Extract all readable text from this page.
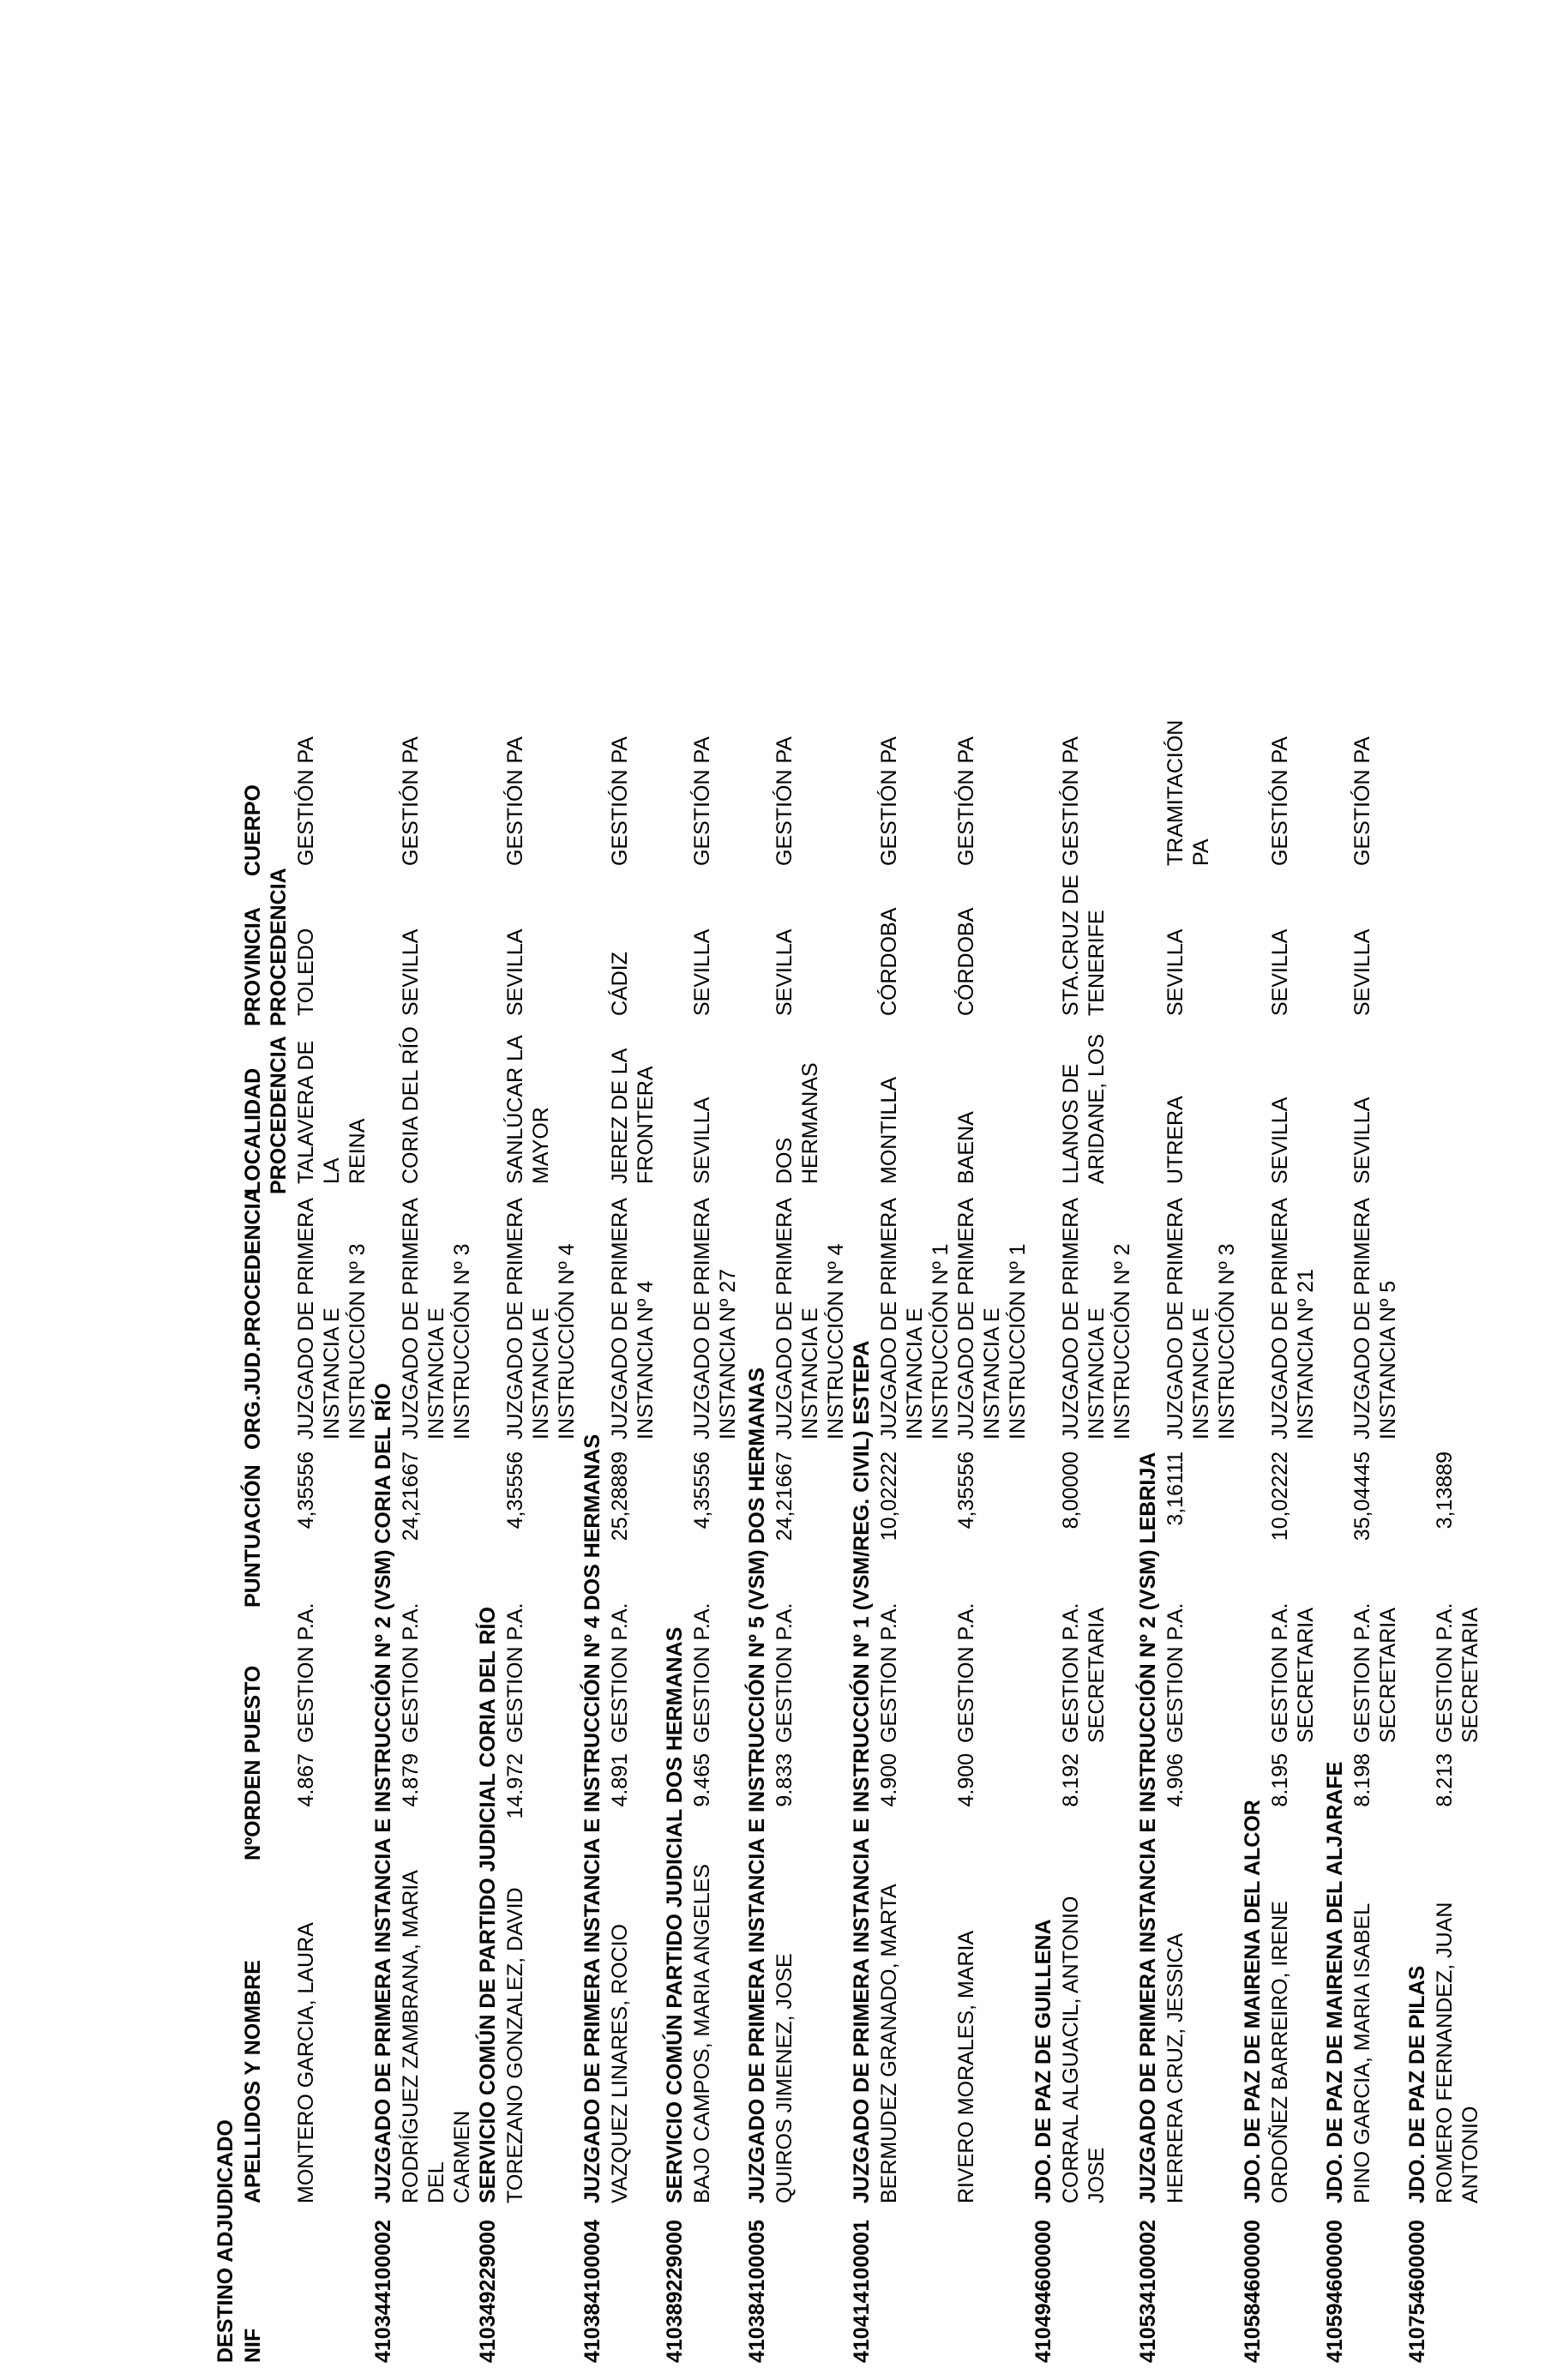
DESTINO ADJUDICADO NIF
APELLIDOS Y NOMBRE
NºORDEN
PUESTO
PUNTUACIÓN
ORG.JUD.PROCEDENCIA
LOCALIDAD
PROCEDENCIA
PROVINCIA
PROCEDENCIA
CUERPO
MONTERO GARCIA, LAURA
4.867
GESTION P.A.
4,35556
JUZGADO DE PRIMERA
INSTANCIA E INSTRUCCIÓN Nº 3
TALAVERA DE LA
REINA
TOLEDO
GESTIÓN PA
410344100002
JUZGADO DE PRIMERA INSTANCIA E INSTRUCCIÓN Nº 2 (VSM) CORIA DEL RÍO RODRÍGUEZ ZAMBRANA, MARIA DEL
CARMEN
4.879
GESTION P.A.
24,21667
JUZGADO DE PRIMERA
INSTANCIA E INSTRUCCIÓN Nº 3
CORIA DEL RÍO
SEVILLA
GESTIÓN PA
410349229000
SERVICIO COMÚN DE PARTIDO JUDICIAL CORIA DEL RÍO TOREZANO GONZALEZ, DAVID
14.972
GESTION P.A.
4,35556
JUZGADO DE PRIMERA
INSTANCIA E INSTRUCCIÓN Nº 4
SANLÚCAR LA
MAYOR
SEVILLA
GESTIÓN PA
410384100004
JUZGADO DE PRIMERA INSTANCIA E INSTRUCCIÓN Nº 4 DOS HERMANAS VAZQUEZ LINARES, ROCIO
4.891
GESTION P.A.
25,28889
JUZGADO DE PRIMERA
INSTANCIA Nº 4
JEREZ DE LA
FRONTERA
CÁDIZ
GESTIÓN PA
410389229000
SERVICIO COMÚN PARTIDO JUDICIAL DOS HERMANAS BAJO CAMPOS, MARIA ANGELES
9.465
GESTION P.A.
4,35556
JUZGADO DE PRIMERA
INSTANCIA Nº 27
SEVILLA
SEVILLA
GESTIÓN PA
410384100005
JUZGADO DE PRIMERA INSTANCIA E INSTRUCCIÓN Nº 5 (VSM) DOS HERMANAS QUIROS JIMENEZ, JOSE
9.833
GESTION P.A.
24,21667
JUZGADO DE PRIMERA
INSTANCIA E INSTRUCCIÓN Nº 4
DOS HERMANAS
SEVILLA
GESTIÓN PA
410414100001
JUZGADO DE PRIMERA INSTANCIA E INSTRUCCIÓN Nº 1 (VSM/REG. CIVIL) ESTEPA BERMUDEZ GRANADO, MARTA
4.900
GESTION P.A.
10,02222
JUZGADO DE PRIMERA
INSTANCIA E INSTRUCCIÓN Nº 1
MONTILLA
CÓRDOBA
GESTIÓN PA
RIVERO MORALES, MARIA
4.900
GESTION P.A.
4,35556
JUZGADO DE PRIMERA
INSTANCIA E INSTRUCCIÓN Nº 1
BAENA
CÓRDOBA
GESTIÓN PA
410494600000
JDO. DE PAZ DE GUILLENA CORRAL ALGUACIL, ANTONIO JOSE
8.192
GESTION P.A.
SECRETARIA
8,00000
JUZGADO DE PRIMERA
INSTANCIA E INSTRUCCIÓN Nº 2
LLANOS DE
ARIDANE, LOS
STA.CRUZ DE
TENERIFE
GESTIÓN PA
410534100002
JUZGADO DE PRIMERA INSTANCIA E INSTRUCCIÓN Nº 2 (VSM) LEBRIJA HERRERA CRUZ, JESSICA
4.906
GESTION P.A.
3,16111
JUZGADO DE PRIMERA
INSTANCIA E INSTRUCCIÓN Nº 3
UTRERA
SEVILLA
TRAMITACIÓN
PA
410584600000
JDO. DE PAZ DE MAIRENA DEL ALCOR ORDOÑEZ BARREIRO, IRENE
8.195
GESTION P.A.
SECRETARIA
10,02222
JUZGADO DE PRIMERA
INSTANCIA Nº 21
SEVILLA
SEVILLA
GESTIÓN PA
410594600000
JDO. DE PAZ DE MAIRENA DEL ALJARAFE PINO GARCIA, MARIA ISABEL
8.198
GESTION P.A.
SECRETARIA
35,04445
JUZGADO DE PRIMERA
INSTANCIA Nº 5
SEVILLA
SEVILLA
GESTIÓN PA
410754600000
JDO. DE PAZ DE PILAS ROMERO FERNANDEZ, JUAN ANTONIO
8.213
GESTION P.A.
SECRETARIA
3,13889
